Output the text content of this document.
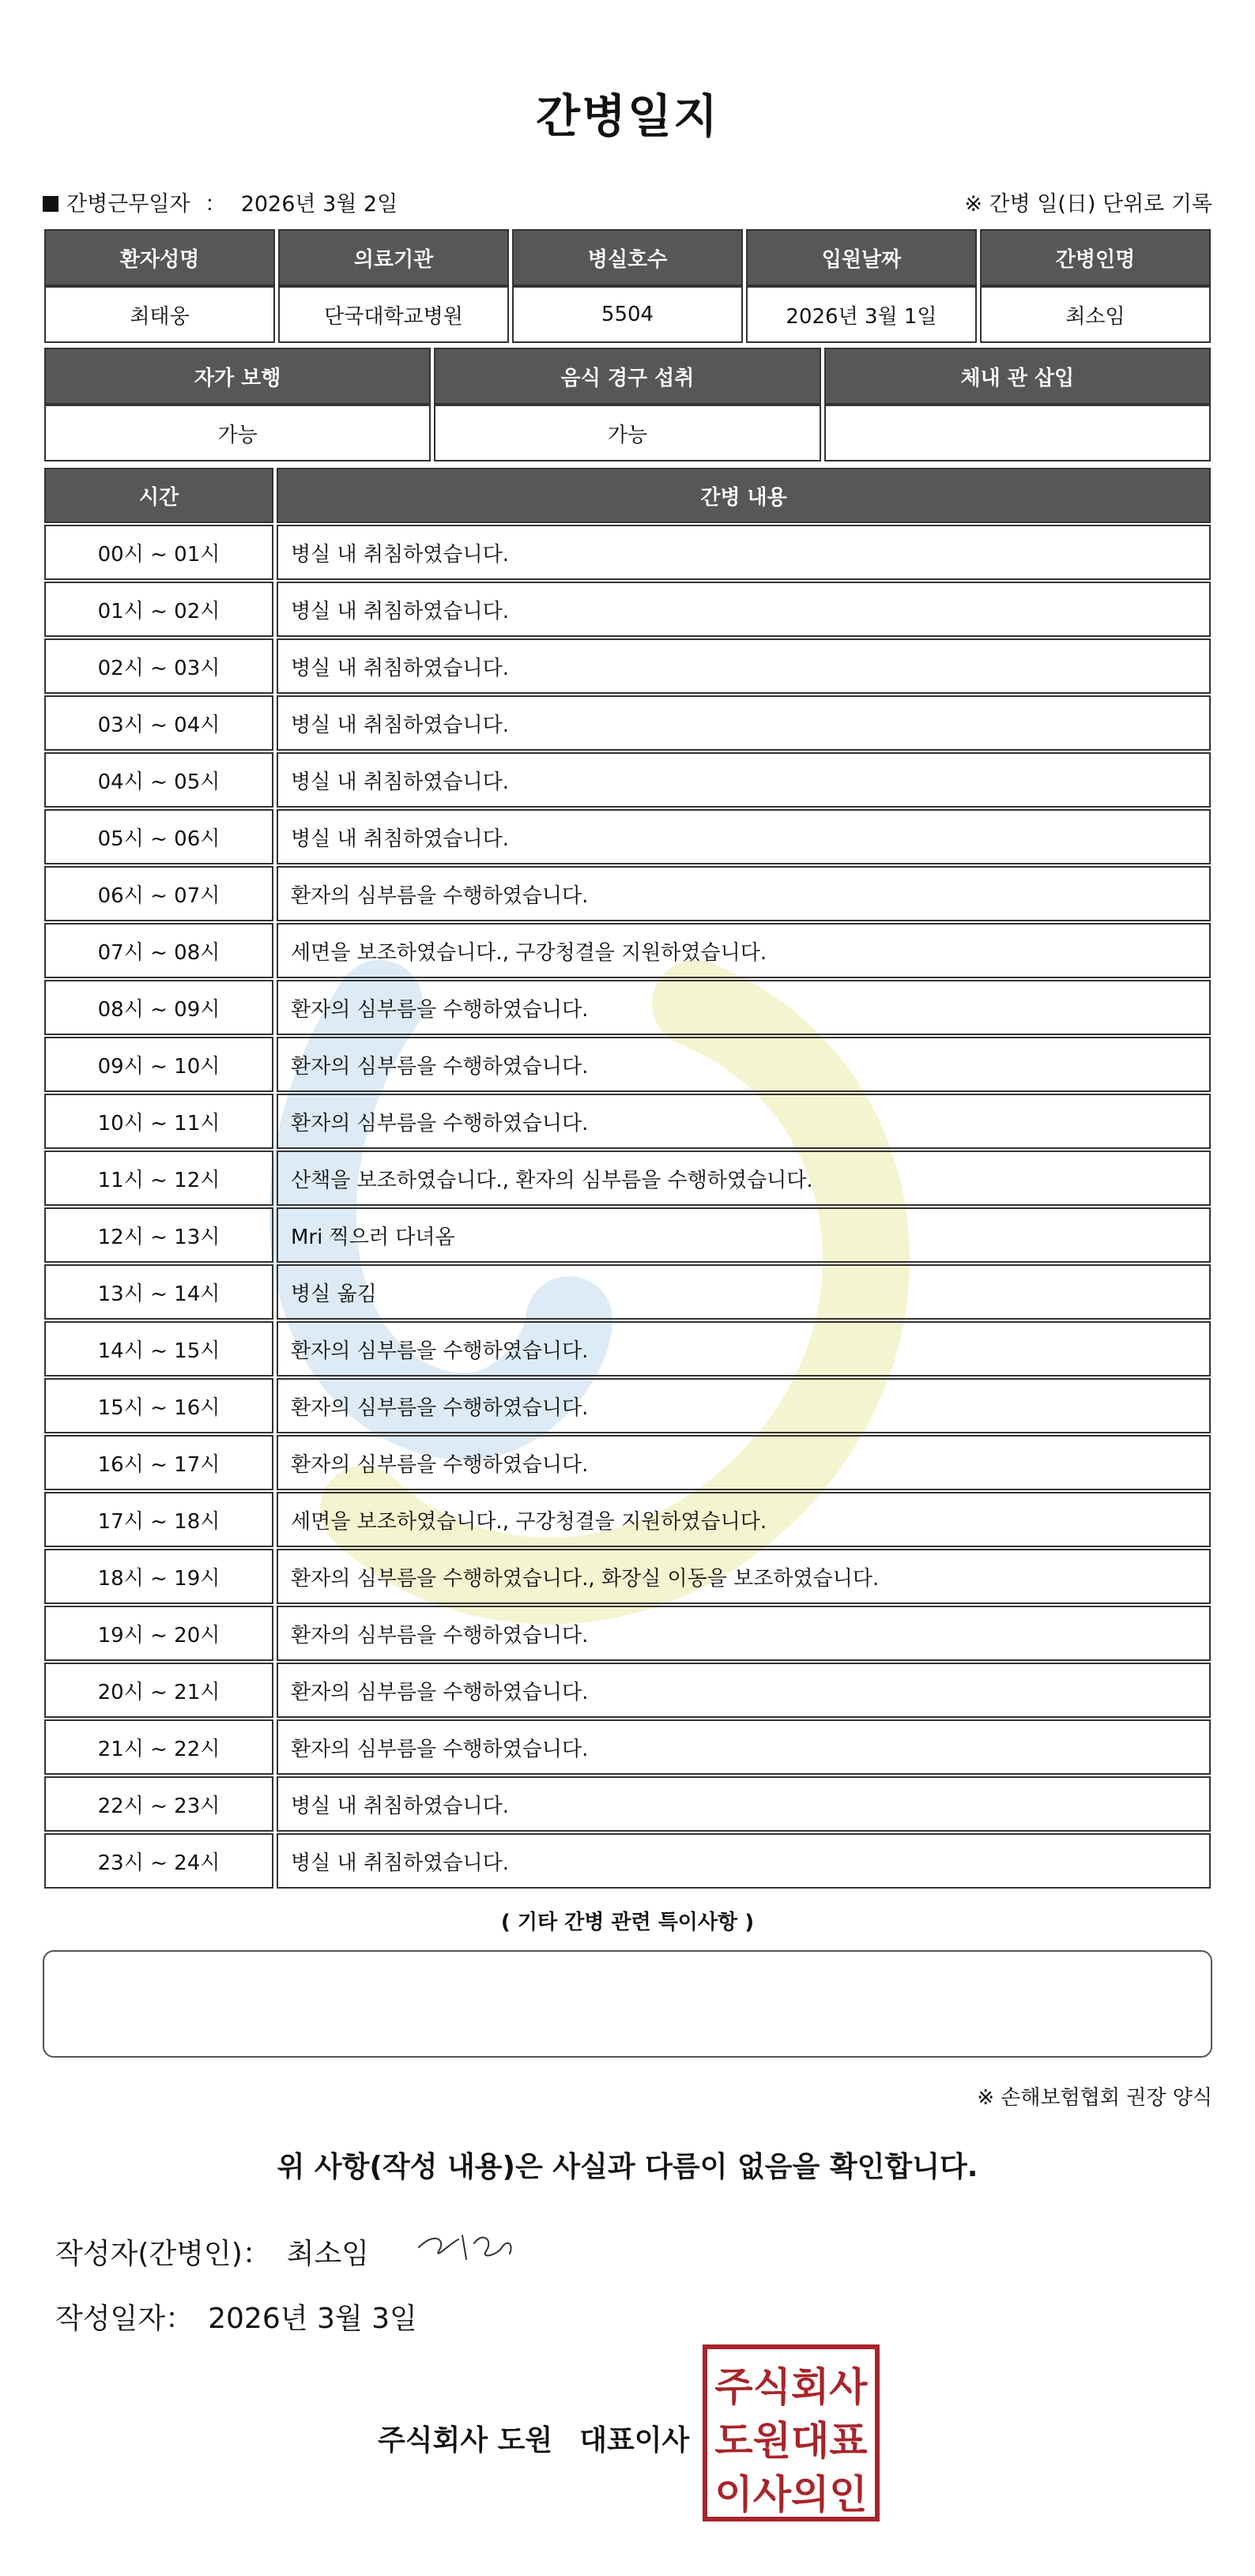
간병일지
간병근무일자 ： 2026년 3월 2일	※ 간병 일(日) 단위로 기록
환자성명	의료기관	병실호수	입원날짜	간병인명
최태웅	단국대학교병원	5504	2026년 3월 1일	최소임
자가 보행	음식 경구 섭취	체내 관 삽입
가능	가능	
시간	간병 내용
00시 ~ 01시	병실 내 취침하였습니다.
01시 ~ 02시	병실 내 취침하였습니다.
02시 ~ 03시	병실 내 취침하였습니다.
03시 ~ 04시	병실 내 취침하였습니다.
04시 ~ 05시	병실 내 취침하였습니다.
05시 ~ 06시	병실 내 취침하였습니다.
06시 ~ 07시	환자의 심부름을 수행하였습니다.
07시 ~ 08시	세면을 보조하였습니다., 구강청결을 지원하였습니다.
08시 ~ 09시	환자의 심부름을 수행하였습니다.
09시 ~ 10시	환자의 심부름을 수행하였습니다.
10시 ~ 11시	환자의 심부름을 수행하였습니다.
11시 ~ 12시	산책을 보조하였습니다., 환자의 심부름을 수행하였습니다.
12시 ~ 13시	Mri 찍으러 다녀옴
13시 ~ 14시	병실 옮김
14시 ~ 15시	환자의 심부름을 수행하였습니다.
15시 ~ 16시	환자의 심부름을 수행하였습니다.
16시 ~ 17시	환자의 심부름을 수행하였습니다.
17시 ~ 18시	세면을 보조하였습니다., 구강청결을 지원하였습니다.
18시 ~ 19시	환자의 심부름을 수행하였습니다., 화장실 이동을 보조하였습니다.
19시 ~ 20시	환자의 심부름을 수행하였습니다.
20시 ~ 21시	환자의 심부름을 수행하였습니다.
21시 ~ 22시	환자의 심부름을 수행하였습니다.
22시 ~ 23시	병실 내 취침하였습니다.
23시 ~ 24시	병실 내 취침하였습니다.
( 기타 간병 관련 특이사항 )
※ 손해보험협회 권장 양식
위 사항(작성 내용)은 사실과 다름이 없음을 확인합니다.
작성자(간병인)： 최소임
작성일자： 2026년 3월 3일
주식회사 도원 대표이사
주식회사
도원대표
이사의인
